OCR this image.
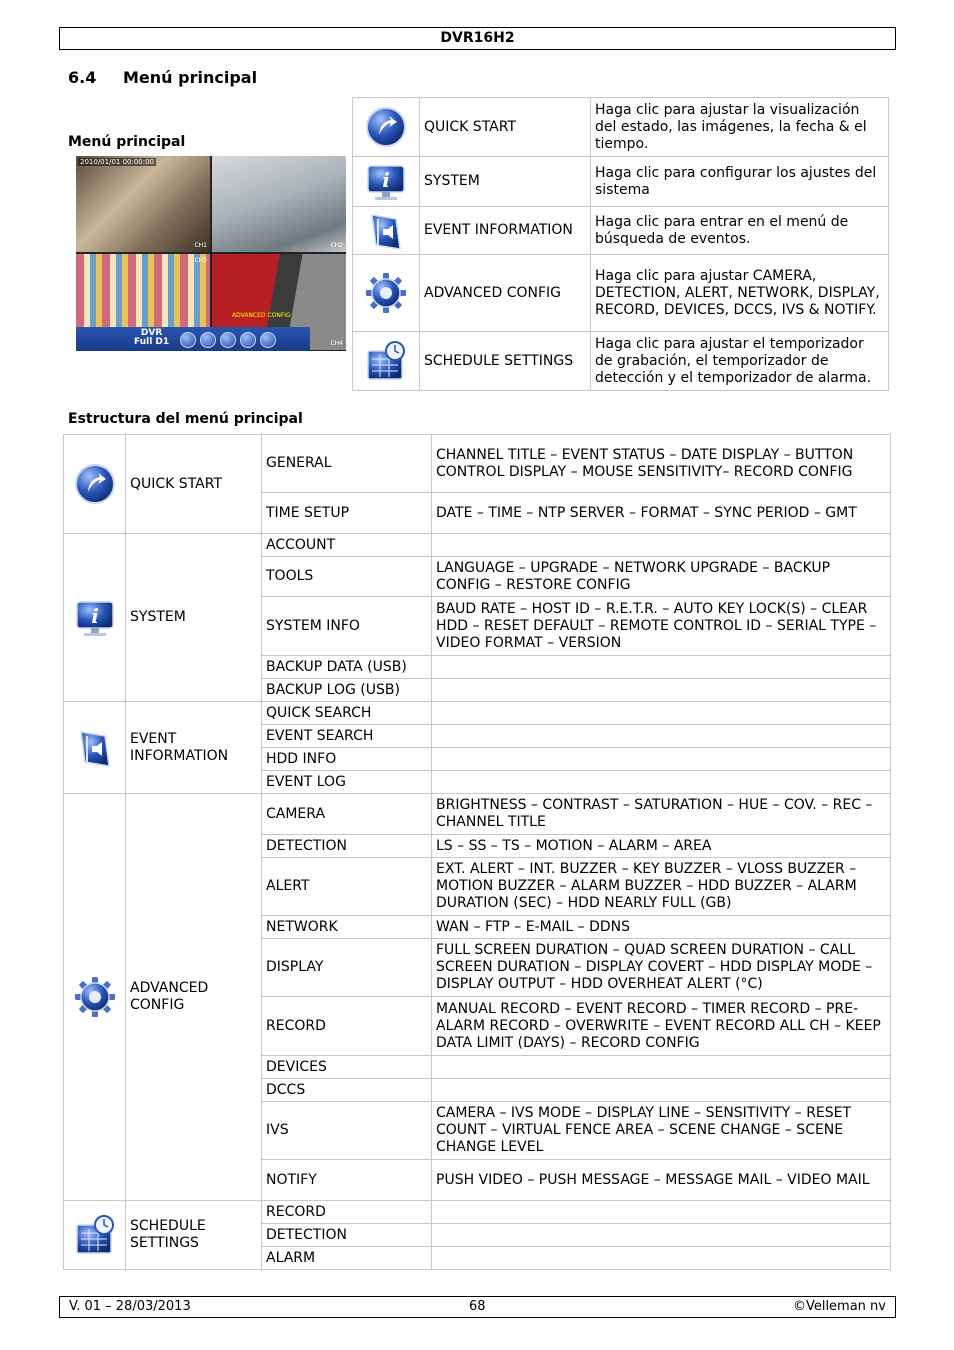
DVR16H2
6.4 Menú principal
Menú principal
2010/01/01 00:00:00
CH1	CH2
CH3
ADVANCED CONFIG
CH4
DVR
Full D1
	QUICK START	Haga clic para ajustar la visualización del estado, las imágenes, la fecha & el tiempo.

i	SYSTEM	Haga clic para configurar los ajustes del sistema
	EVENT INFORMATION	Haga clic para entrar en el menú de búsqueda de eventos.
	ADVANCED CONFIG	Haga clic para ajustar CAMERA, DETECTION, ALERT, NETWORK, DISPLAY, RECORD, DEVICES, DCCS, IVS & NOTIFY.
	SCHEDULE SETTINGS	Haga clic para ajustar el temporizador de grabación, el temporizador de detección y el temporizador de alarma.
Estructura del menú principal
	QUICK START	GENERAL	CHANNEL TITLE – EVENT STATUS – DATE DISPLAY – BUTTON CONTROL DISPLAY – MOUSE SENSITIVITY– RECORD CONFIG
		TIME SETUP	DATE – TIME – NTP SERVER – FORMAT – SYNC PERIOD – GMT

i	SYSTEM	ACCOUNT	
		TOOLS	LANGUAGE – UPGRADE – NETWORK UPGRADE – BACKUP CONFIG – RESTORE CONFIG
		SYSTEM INFO	BAUD RATE – HOST ID – R.E.T.R. – AUTO KEY LOCK(S) – CLEAR HDD – RESET DEFAULT – REMOTE CONTROL ID – SERIAL TYPE – VIDEO FORMAT – VERSION
		BACKUP DATA (USB)	
		BACKUP LOG (USB)	
	EVENT INFORMATION	QUICK SEARCH	
		EVENT SEARCH	
		HDD INFO	
		EVENT LOG	
	ADVANCED CONFIG	CAMERA	BRIGHTNESS – CONTRAST – SATURATION – HUE – COV. – REC – CHANNEL TITLE
		DETECTION	LS – SS – TS – MOTION – ALARM – AREA
		ALERT	EXT. ALERT – INT. BUZZER – KEY BUZZER – VLOSS BUZZER – MOTION BUZZER – ALARM BUZZER – HDD BUZZER – ALARM DURATION (SEC) – HDD NEARLY FULL (GB)
		NETWORK	WAN – FTP – E-MAIL – DDNS
		DISPLAY	FULL SCREEN DURATION – QUAD SCREEN DURATION – CALL SCREEN DURATION – DISPLAY COVERT – HDD DISPLAY MODE – DISPLAY OUTPUT – HDD OVERHEAT ALERT (°C)
		RECORD	MANUAL RECORD – EVENT RECORD – TIMER RECORD – PRE-ALARM RECORD – OVERWRITE – EVENT RECORD ALL CH – KEEP DATA LIMIT (DAYS) – RECORD CONFIG
		DEVICES	
		DCCS	
		IVS	CAMERA – IVS MODE – DISPLAY LINE – SENSITIVITY – RESET COUNT – VIRTUAL FENCE AREA – SCENE CHANGE – SCENE CHANGE LEVEL
		NOTIFY	PUSH VIDEO – PUSH MESSAGE – MESSAGE MAIL – VIDEO MAIL
	SCHEDULE SETTINGS	RECORD	
		DETECTION	
		ALARM	
V. 01 – 28/03/2013	68	©Velleman nv
